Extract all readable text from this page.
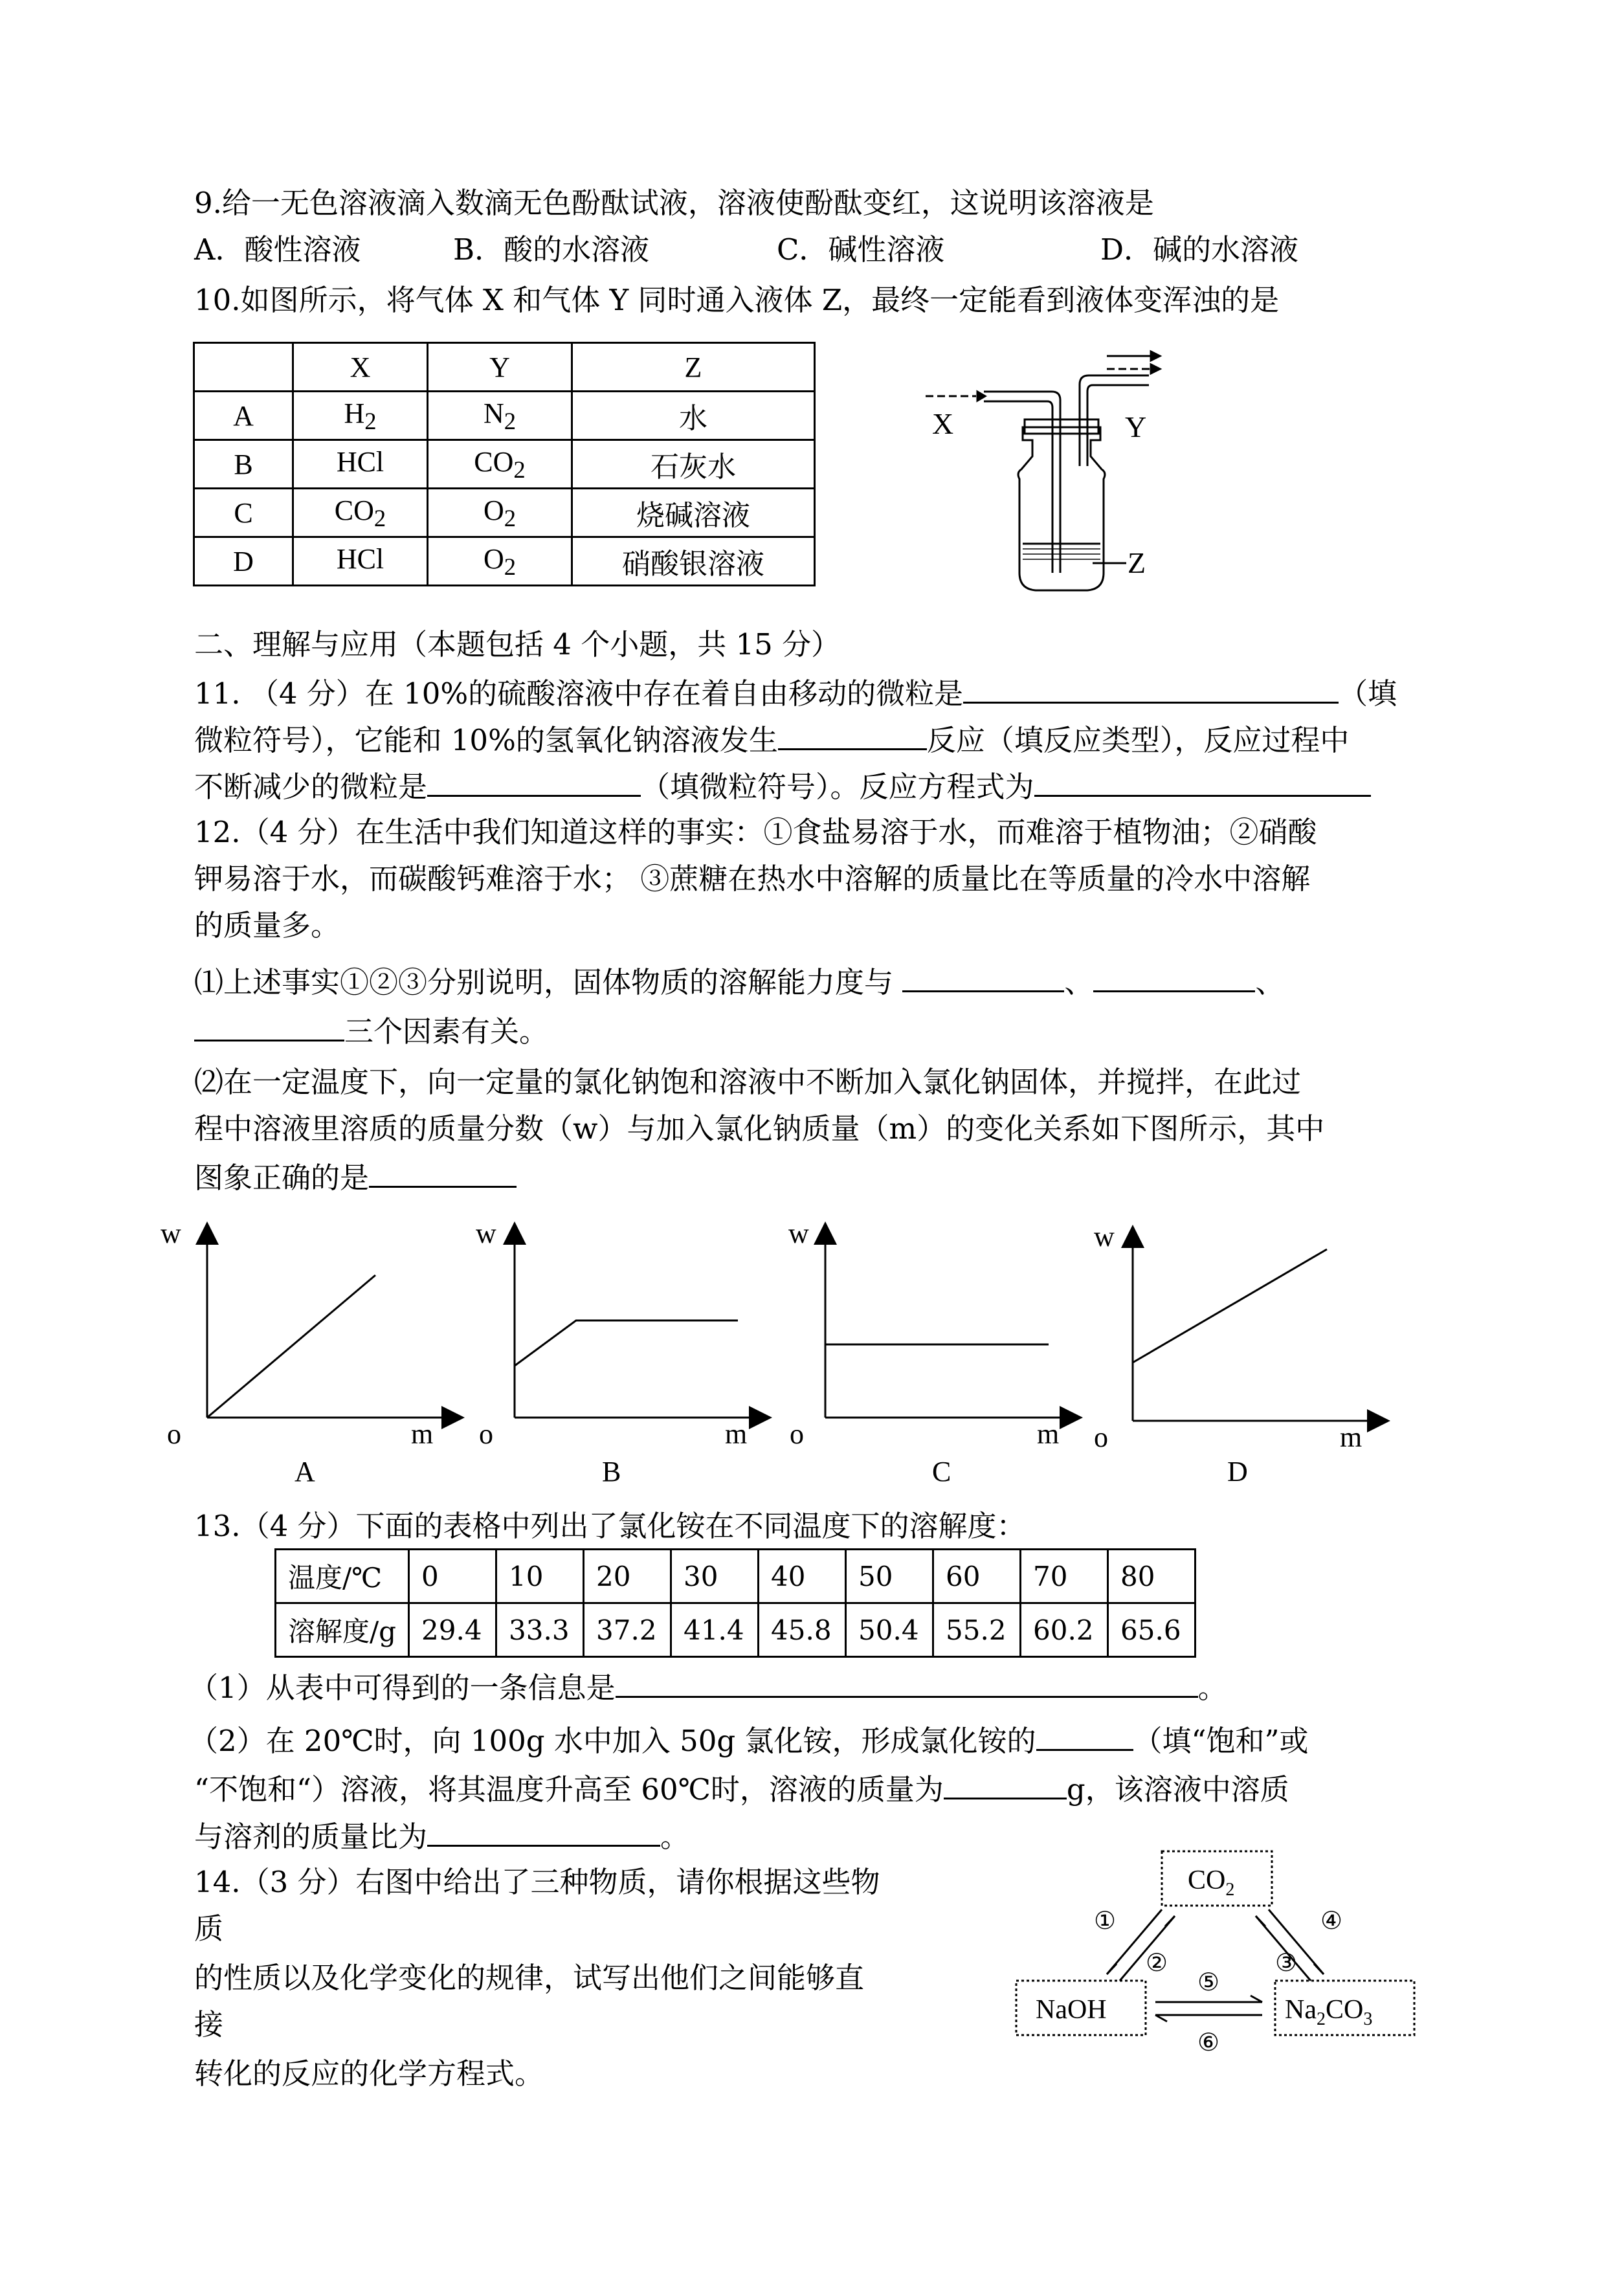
9.给一无色溶液滴入数滴无色酚酞试液，溶液使酚酞变红，这说明该溶液是
A．酸性溶液	B．酸的水溶液	C．碱性溶液	D．碱的水溶液
10.如图所示，将气体 X 和气体 Y 同时通入液体 Z，最终一定能看到液体变浑浊的是
	X	Y	Z
A	$H_2$	$N_2$	水
B	HCl	$CO_2$	石灰水
C	$CO_2$	$O_2$	烧碱溶液
D	HCl	$O_2$	硝酸银溶液
X	Y
Z
二、理解与应用（本题包括 4 个小题，共 15 分）
11. （4 分）在 10%的硫酸溶液中存在着自由移动的微粒是	（填
微粒符号），它能和 10%的氢氧化钠溶液发生	反应（填反应类型），反应过程中
不断减少的微粒是	（填微粒符号）。反应方程式为
12.（4 分）在生活中我们知道这样的事实：①食盐易溶于水，而难溶于植物油；②硝酸
钾易溶于水，而碳酸钙难溶于水； ③蔗糖在热水中溶解的质量比在等质量的冷水中溶解
的质量多。
⑴上述事实①②③分别说明，固体物质的溶解能力度与	、	、
三个因素有关。
⑵在一定温度下，向一定量的氯化钠饱和溶液中不断加入氯化钠固体，并搅拌，在此过
程中溶液里溶质的质量分数（w）与加入氯化钠质量（m）的变化关系如下图所示，其中
图象正确的是
w
o	m
A
w
o	m
B
w
o	m
C
w
o	m
D
13.（4 分）下面的表格中列出了氯化铵在不同温度下的溶解度：
温度/℃	0	10	20	30	40	50	60	70	80
溶解度/g	29.4	33.3	37.2	41.4	45.8	50.4	55.2	60.2	65.6
（1）从表中可得到的一条信息是	。
（2）在 20℃时，向 100g 水中加入 50g 氯化铵，形成氯化铵的	（填“饱和”或
“不饱和“）溶液，将其温度升高至 60℃时，溶液的质量为	g，该溶液中溶质
与溶剂的质量比为	。
14.（3 分）右图中给出了三种物质，请你根据这些物
质
的性质以及化学变化的规律，试写出他们之间能够直
接
转化的反应的化学方程式。
$CO_2$
NaOH	$Na_2CO_3$
①
②	③
④
⑤
⑥
